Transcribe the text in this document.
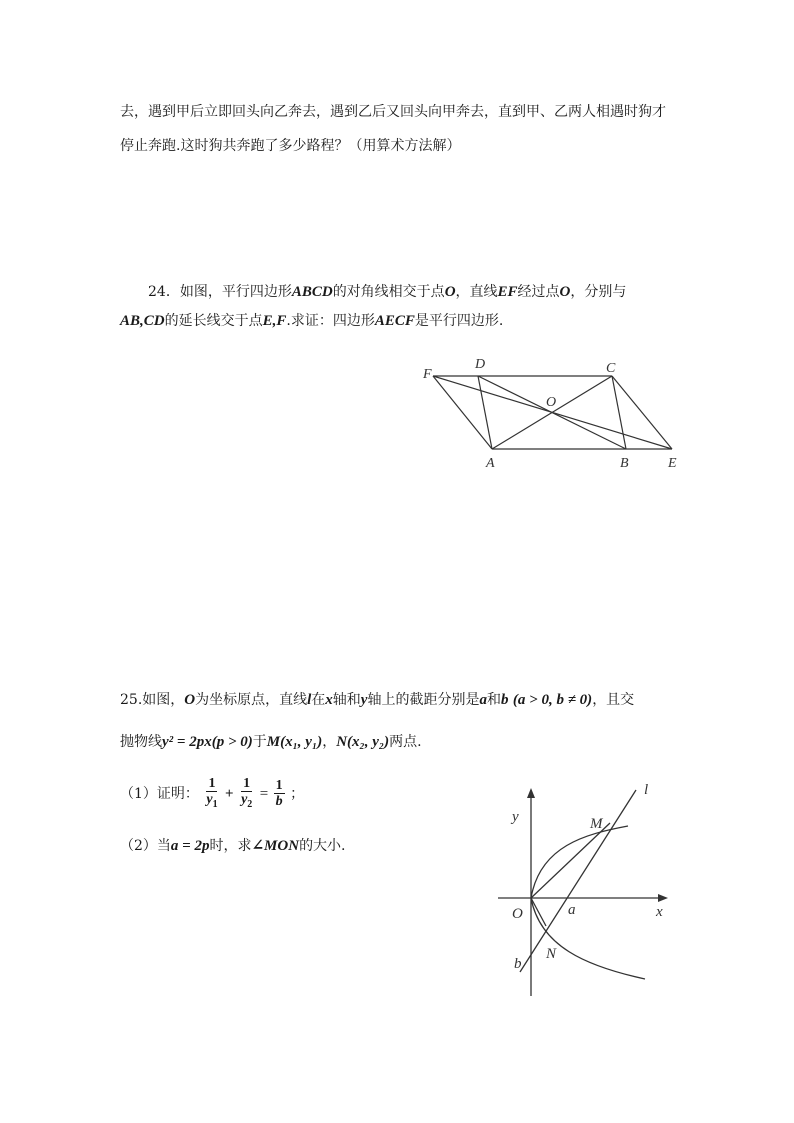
去，遇到甲后立即回头向乙奔去，遇到乙后又回头向甲奔去，直到甲、乙两人相遇时狗才
停止奔跑.这时狗共奔跑了多少路程？（用算术方法解）
24．如图，平行四边形ABCD的对角线相交于点O，直线EF经过点O，分别与
AB,CD的延长线交于点E,F.求证：四边形AECF是平行四边形.
F
D	C
O
A	B	E
25.如图，O为坐标原点，直线l在x轴和y轴上的截距分别是a和b (a > 0, b ≠ 0)，且交
抛物线y² = 2px(p > 0)于M(x₁, y₁)，N(x₂, y₂)两点.
（1）证明： $\frac{1}{y_1} + \frac{1}{y_2} = \frac{1}{b}$ ；
（2）当a = 2p时，求∠MON的大小.
y
l
M
O	a	x
b
N
